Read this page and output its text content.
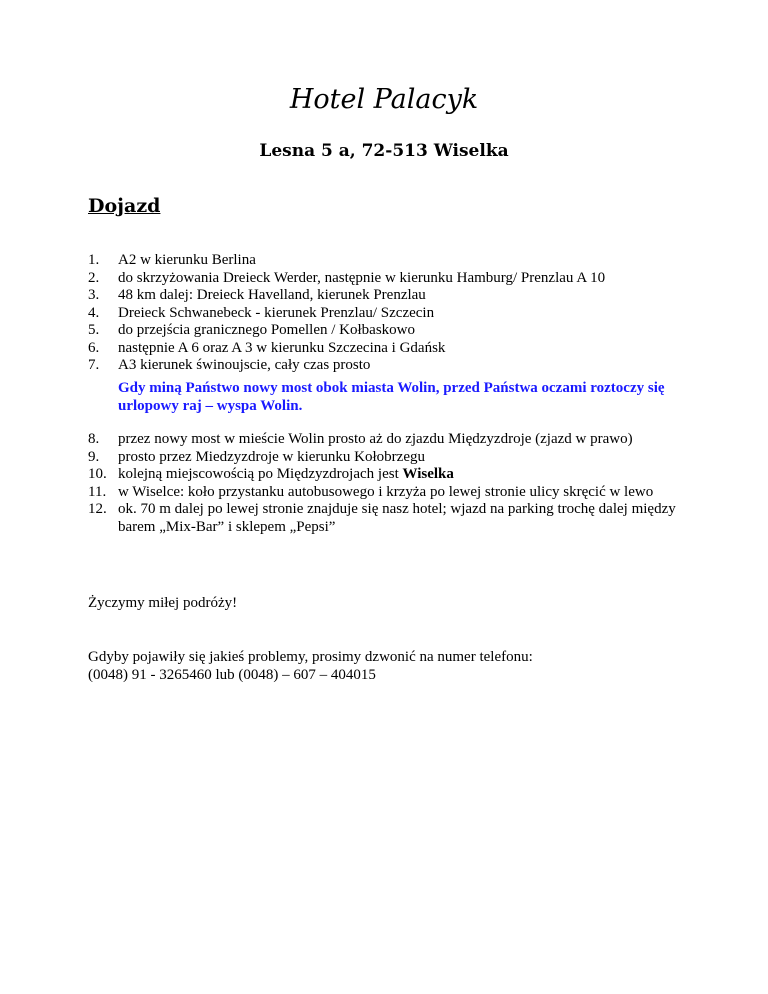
Hotel Palacyk

Lesna 5 a, 72-513 Wiselka

Dojazd
1.	A2 w kierunku Berlina
2.	do skrzyżowania Dreieck Werder, następnie w kierunku Hamburg/ Prenzlau A 10
3.	48 km dalej: Dreieck Havelland, kierunek Prenzlau
4.	Dreieck Schwanebeck - kierunek Prenzlau/ Szczecin
5.	do przejścia granicznego Pomellen / Kołbaskowo
6.	następnie A 6 oraz A 3 w kierunku Szczecina i Gdańsk
7.	A3 kierunek świnoujscie, cały czas prosto

Gdy miną Państwo nowy most obok miasta Wolin, przed Państwa oczami roztoczy się urlopowy raj – wyspa Wolin.

8.	przez nowy most w mieście Wolin prosto aż do zjazdu Międzyzdroje (zjazd w prawo)
9.	prosto przez Miedzyzdroje w kierunku Kołobrzegu
10. kolejną miejscowością po Międzyzdrojach jest Wiselka
11. w Wiselce: koło przystanku autobusowego i krzyża po lewej stronie ulicy skręcić w lewo
12. ok. 70 m dalej po lewej stronie znajduje się nasz hotel; wjazd na parking trochę dalej między barem „Mix-Bar” i sklepem „Pepsi”

Życzymy miłej podróży!

Gdyby pojawiły się jakieś problemy, prosimy dzwonić na numer telefonu:
(0048) 91 - 3265460 lub (0048) – 607 – 404015
